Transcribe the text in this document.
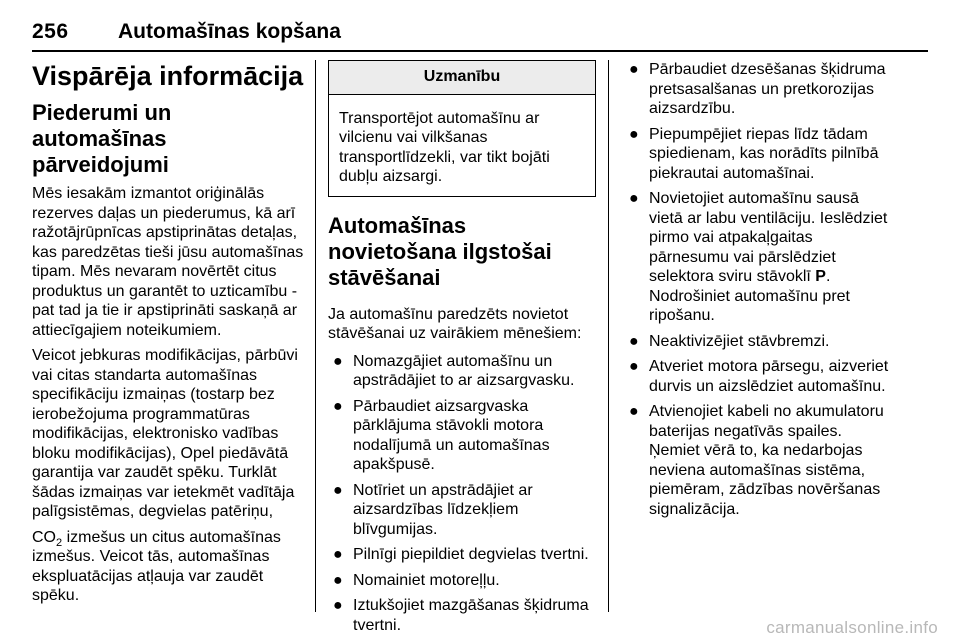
256 Automašīnas kopšana
Vispārēja informācija
Piederumi un automašīnas pārveidojumi

Mēs iesakām izmantot oriģinālās rezerves daļas un piederumus, kā arī ražotājrūpnīcas apstiprinātas detaļas, kas paredzētas tieši jūsu automašīnas tipam. Mēs nevaram novērtēt citus produktus un garantēt to uzticamību - pat tad ja tie ir apstiprināti saskaņā ar attiecīgajiem noteikumiem.

Veicot jebkuras modifikācijas, pārbūvi vai citas standarta automašīnas specifikāciju izmaiņas (tostarp bez ierobežojuma programmatūras modifikācijas, elektronisko vadības bloku modifikācijas), Opel piedāvātā garantija var zaudēt spēku. Turklāt šādas izmaiņas var ietekmēt vadītāja palīgsistēmas, degvielas patēriņu,

$CO_2$ izmešus un citus automašīnas izmešus. Veicot tās, automašīnas ekspluatācijas atļauja var zaudēt spēku.

Uzmanību
Transportējot automašīnu ar vilcienu vai vilkšanas transportlīdzekli, var tikt bojāti dubļu aizsargi.
Automašīnas novietošana ilgstošai stāvēšanai

Ja automašīnu paredzēts novietot stāvēšanai uz vairākiem mēnešiem:

● Nomazgājiet automašīnu un apstrādājiet to ar aizsargvasku.
● Pārbaudiet aizsargvaska pārklājuma stāvokli motora nodalījumā un automašīnas apakšpusē.
● Notīriet un apstrādājiet ar aizsardzības līdzekļiem blīvgumijas.
● Pilnīgi piepildiet degvielas tvertni.
● Nomainiet motoreļļu.
● Iztukšojiet mazgāšanas šķidruma tvertni.
● Pārbaudiet dzesēšanas šķidruma pretsasalšanas un pretkorozijas aizsardzību.
● Piepumpējiet riepas līdz tādam spiedienam, kas norādīts pilnībā piekrautai automašīnai.
● Novietojiet automašīnu sausā vietā ar labu ventilāciju. Ieslēdziet pirmo vai atpakaļgaitas pārnesumu vai pārslēdziet selektora sviru stāvoklī P. Nodrošiniet automašīnu pret ripošanu.
● Neaktivizējiet stāvbremzi.
● Atveriet motora pārsegu, aizveriet durvis un aizslēdziet automašīnu.
● Atvienojiet kabeli no akumulatoru baterijas negatīvās spailes. Ņemiet vērā to, ka nedarbojas neviena automašīnas sistēma, piemēram, zādzības novēršanas signalizācija.
carmanualsonline.info
